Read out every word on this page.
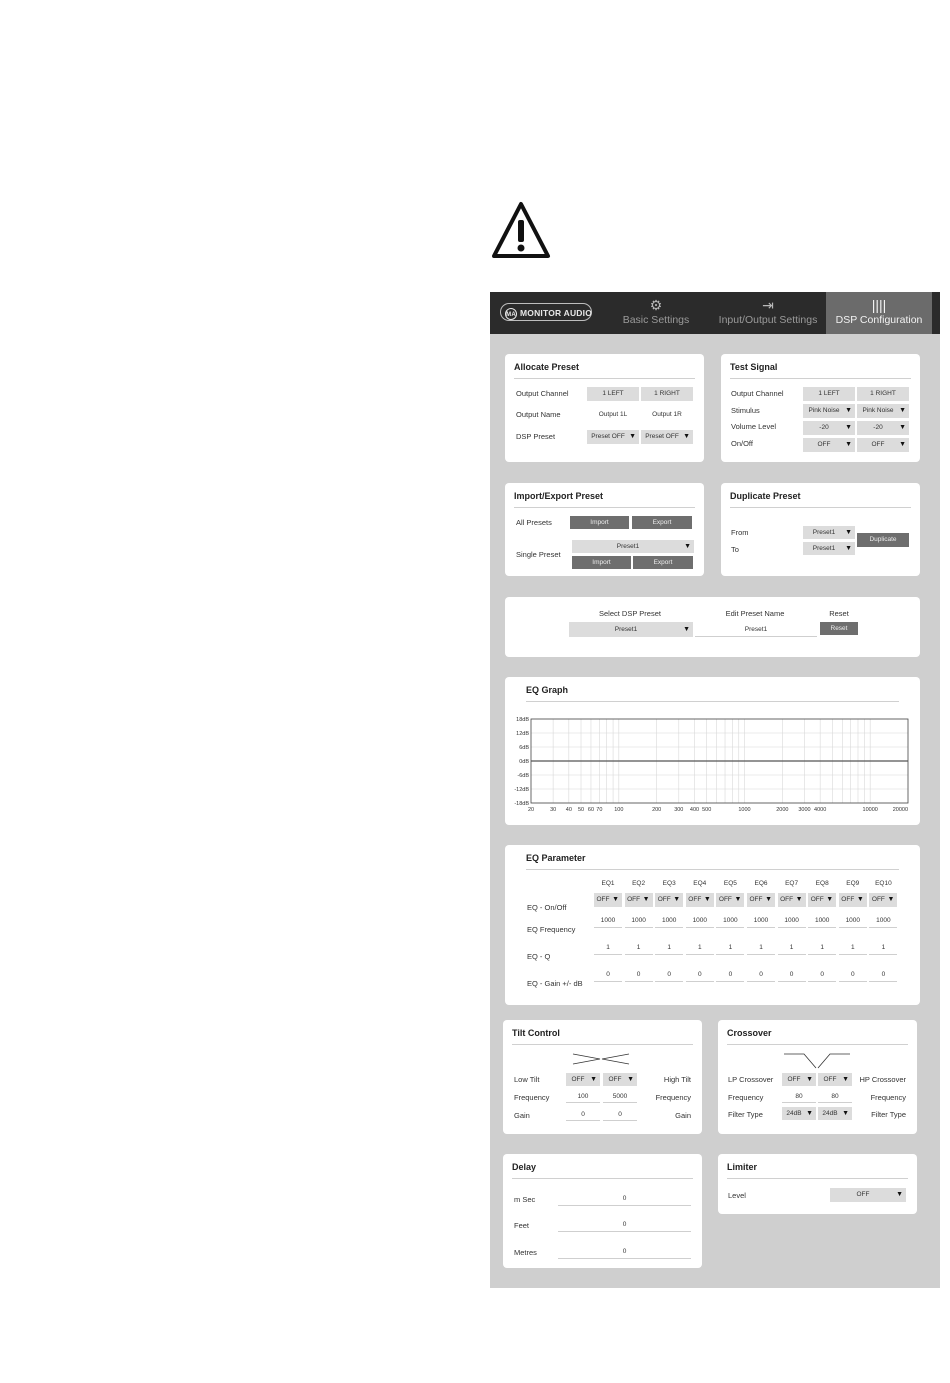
MA MONITOR AUDIO	⚙
Basic Settings
⇥
Input/Output Settings
||||
DSP Configuration
Allocate Preset
Output Channel
Output Name
DSP Preset
1 LEFT	1 RIGHT
Output 1L	Output 1R
Preset OFF ▼	Preset OFF ▼
Test Signal
Output Channel
Stimulus
Volume Level
On/Off
1 LEFT	1 RIGHT
Pink Noise ▼	Pink Noise ▼
-20	▼	-20	▼
OFF	▼	OFF	▼
Import/Export Preset
All Presets
Single Preset
Import	Export
Preset1	▼
Import	Export
Duplicate Preset
From
To
Preset1	▼
Preset1	▼
Duplicate
Select DSP Preset	Edit Preset Name	Reset
Preset1	▼	Preset1	Reset
EQ Graph
18dB
12dB
6dB
0dB
-6dB
-12dB
-18dB
20	30 40 50 60 70 100	200 300 400 500	1000	2000 3000 4000	10000	20000
EQ Parameter
EQ - On/Off
EQ Frequency
EQ - Q
EQ - Gain +/- dB
EQ1
OFF ▼
1000
1
0
EQ2
OFF ▼
1000
1
0
EQ3
OFF ▼
1000
1
0
EQ4
OFF ▼
1000
1
0
EQ5
OFF ▼
1000
1
0
EQ6
OFF ▼
1000
1
0
EQ7
OFF ▼
1000
1
0
EQ8
OFF ▼
1000
1
0
EQ9
OFF ▼
1000
1
0
EQ10
OFF ▼
1000
1
0
Tilt Control
Low Tilt
Frequency
Gain
High Tilt
Frequency
Gain
OFF ▼	OFF ▼
100	5000
0	0
Crossover
LP Crossover
Frequency
Filter Type
HP Crossover
Frequency
Filter Type
OFF ▼	OFF ▼
80	80
24dB ▼	24dB ▼
Delay
m Sec
Feet
Metres
0
0
0
Limiter
Level	OFF	▼
